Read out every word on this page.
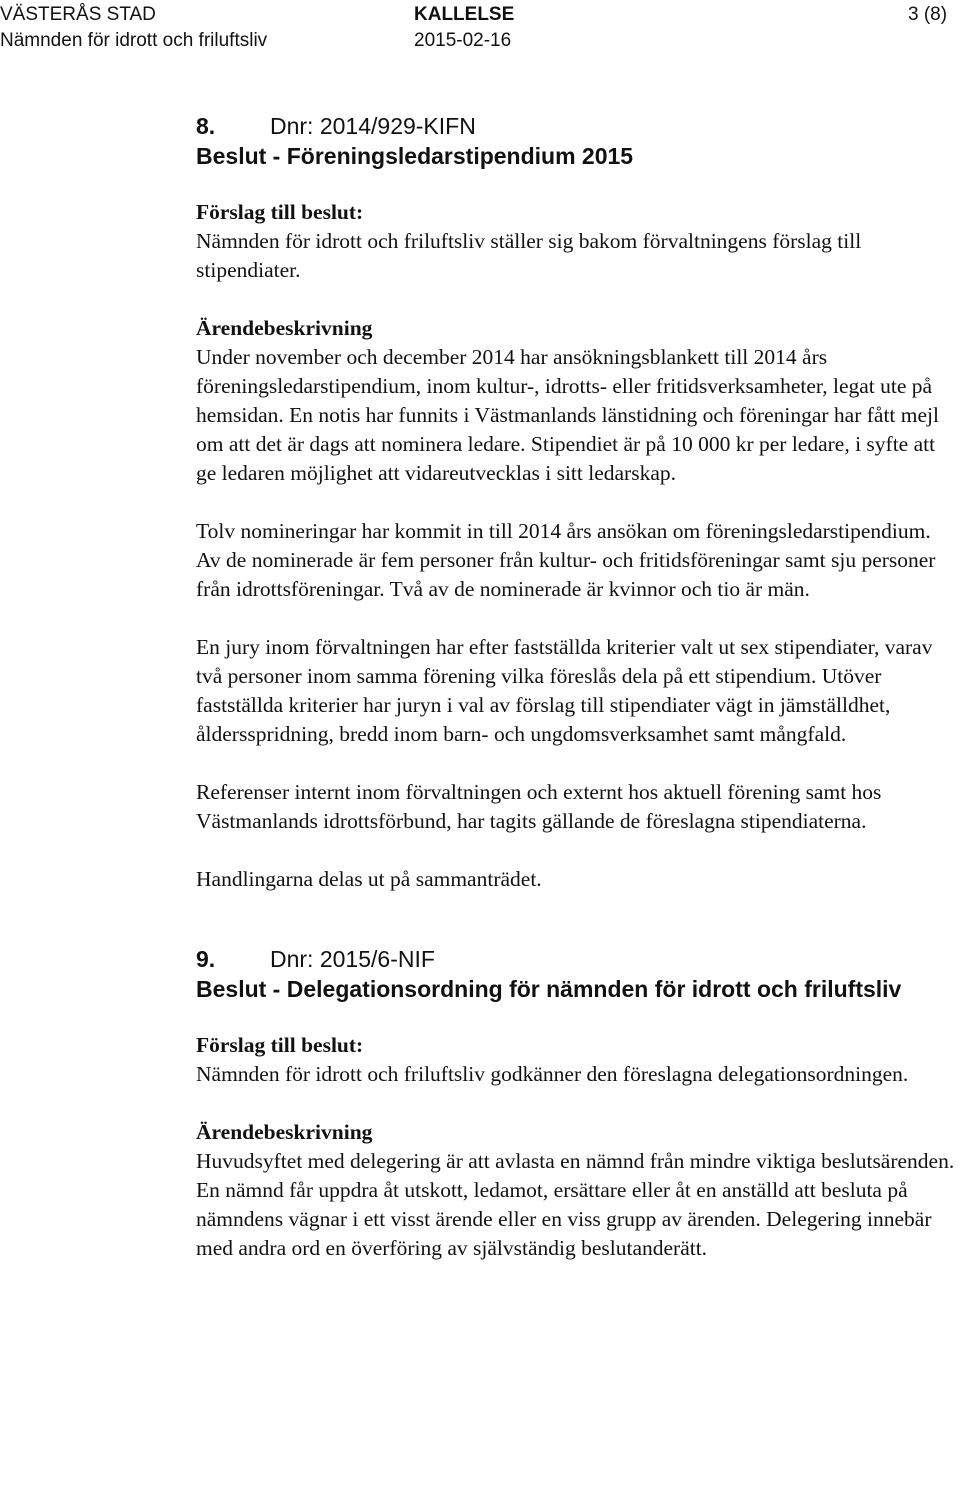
VÄSTERÅS STAD
Nämnden för idrott och friluftsliv
KALLELSE
2015-02-16
3 (8)
8. Dnr: 2014/929-KIFN
Beslut - Föreningsledarstipendium 2015
Förslag till beslut:

Nämnden för idrott och friluftsliv ställer sig bakom förvaltningens förslag till stipendiater.

Ärendebeskrivning

Under november och december 2014 har ansökningsblankett till 2014 års föreningsledarstipendium, inom kultur-, idrotts- eller fritidsverksamheter, legat ute på hemsidan. En notis har funnits i Västmanlands länstidning och föreningar har fått mejl om att det är dags att nominera ledare. Stipendiet är på 10 000 kr per ledare, i syfte att ge ledaren möjlighet att vidareutvecklas i sitt ledarskap.

Tolv nomineringar har kommit in till 2014 års ansökan om föreningsledarstipendium. Av de nominerade är fem personer från kultur- och fritidsföreningar samt sju personer från idrottsföreningar. Två av de nominerade är kvinnor och tio är män.

En jury inom förvaltningen har efter fastställda kriterier valt ut sex stipendiater, varav två personer inom samma förening vilka föreslås dela på ett stipendium. Utöver fastställda kriterier har juryn i val av förslag till stipendiater vägt in jämställdhet, åldersspridning, bredd inom barn- och ungdomsverksamhet samt mångfald.

Referenser internt inom förvaltningen och externt hos aktuell förening samt hos Västmanlands idrottsförbund, har tagits gällande de föreslagna stipendiaterna.

Handlingarna delas ut på sammanträdet.

9. Dnr: 2015/6-NIF
Beslut - Delegationsordning för nämnden för idrott och friluftsliv
Förslag till beslut:

Nämnden för idrott och friluftsliv godkänner den föreslagna delegationsordningen.

Ärendebeskrivning

Huvudsyftet med delegering är att avlasta en nämnd från mindre viktiga beslutsärenden. En nämnd får uppdra åt utskott, ledamot, ersättare eller åt en anställd att besluta på nämndens vägnar i ett visst ärende eller en viss grupp av ärenden. Delegering innebär med andra ord en överföring av självständig beslutanderätt.
